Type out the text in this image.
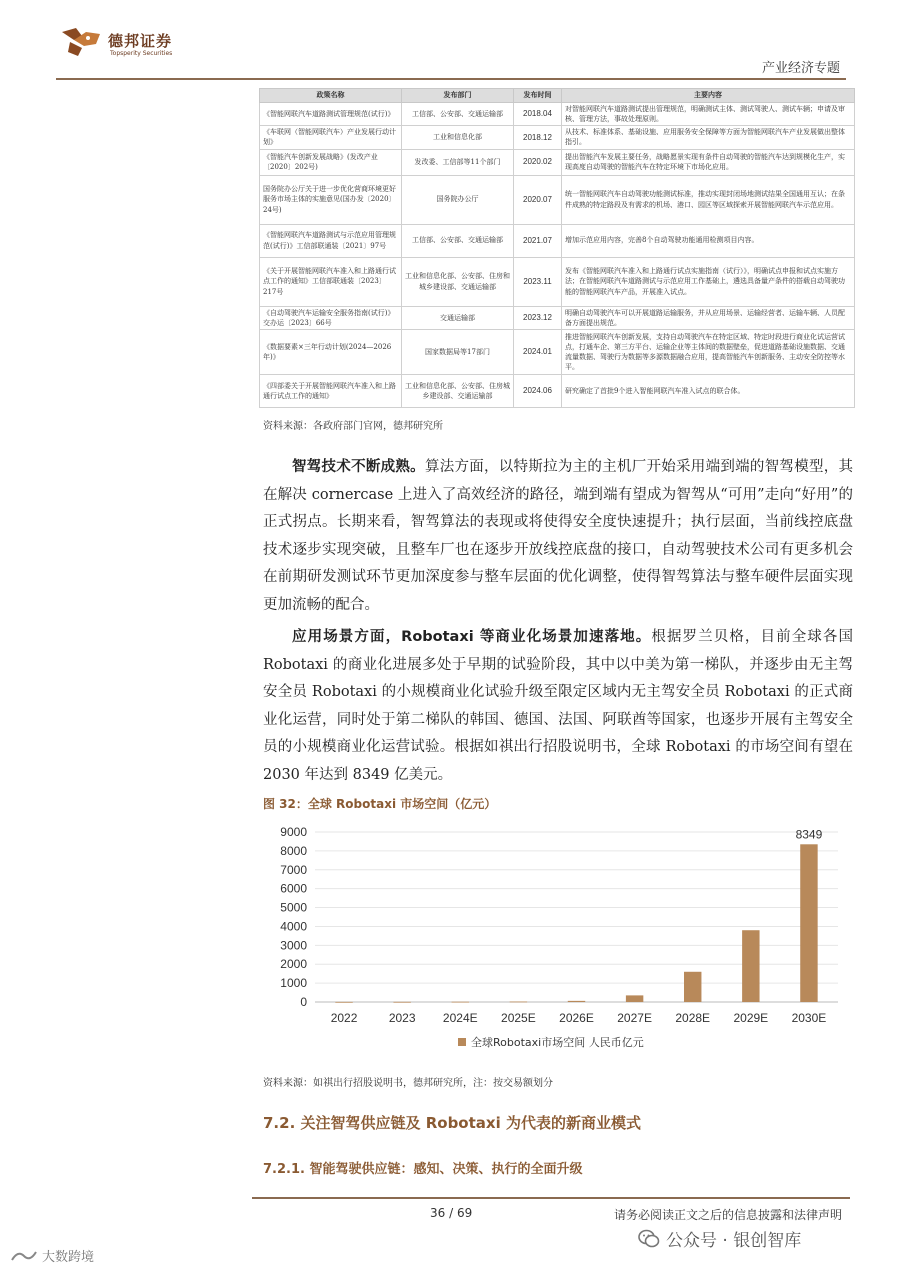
德邦证券
Topsperity Securities
产业经济专题
政策名称	发布部门	发布时间	主要内容
《智能网联汽车道路测试管理规范(试行)》	工信部、公安部、交通运输部	2018.04	对智能网联汽车道路测试提出管理规范，明确测试主体、测试驾驶人、测试车辆；申请及审核、管理方法，事故处理原则。
《车联网（智能网联汽车）产业发展行动计划》	工业和信息化部	2018.12	从技术、标准体系、基础设施、应用服务安全保障等方面为智能网联汽车产业发展做出整体指引。
《智能汽车创新发展战略》(发改产业〔2020〕202号)	发改委、工信部等11个部门	2020.02	提出智能汽车发展主要任务，战略愿景实现有条件自动驾驶的智能汽车达到规模化生产，实现高度自动驾驶的智能汽车在特定环境下市场化应用。
国务院办公厅关于进一步优化营商环境更好服务市场主体的实施意见(国办发〔2020〕24号)	国务院办公厅	2020.07	统一智能网联汽车自动驾驶功能测试标准，推动实现封闭场地测试结果全国通用互认；在条件成熟的特定路段及有需求的机场、港口、园区等区域探索开展智能网联汽车示范应用。
《智能网联汽车道路测试与示范应用管理规范(试行)》工信部联通装〔2021〕97号	工信部、公安部、交通运输部	2021.07	增加示范应用内容，完善8个自动驾驶功能通用检测项目内容。
《关于开展智能网联汽车准入和上路通行试点工作的通知》工信部联通装〔2023〕217号	工业和信息化部、公安部、住房和城乡建设部、交通运输部	2023.11	发布《智能网联汽车准入和上路通行试点实施指南（试行）》，明确试点申报和试点实施方法；在智能网联汽车道路测试与示范应用工作基础上，遴选具备量产条件的搭载自动驾驶功能的智能网联汽车产品，开展准入试点。
《自动驾驶汽车运输安全服务指南(试行)》交办运〔2023〕66号	交通运输部	2023.12	明确自动驾驶汽车可以开展道路运输服务，并从应用场景、运输经营者、运输车辆、人员配备方面提出规范。
《数据要素×三年行动计划(2024—2026年)》	国家数据局等17部门	2024.01	推进智能网联汽车创新发展，支持自动驾驶汽车在特定区域、特定时段进行商业化试运营试点，打通车企、第三方平台、运输企业等主体间的数据壁垒，促进道路基础设施数据、交通流量数据、驾驶行为数据等多源数据融合应用，提高智能汽车创新服务、主动安全防控等水平。
《四部委关于开展智能网联汽车准入和上路通行试点工作的通知》	工业和信息化部、公安部、住房城乡建设部、交通运输部	2024.06	研究确定了首批9个进入智能网联汽车准入试点的联合体。
资料来源：各政府部门官网，德邦研究所

智驾技术不断成熟。算法方面，以特斯拉为主的主机厂开始采用端到端的智驾模型，其在解决 cornercase 上进入了高效经济的路径，端到端有望成为智驾从“可用”走向“好用”的正式拐点。长期来看，智驾算法的表现或将使得安全度快速提升；执行层面，当前线控底盘技术逐步实现突破，且整车厂也在逐步开放线控底盘的接口，自动驾驶技术公司有更多机会在前期研发测试环节更加深度参与整车层面的优化调整，使得智驾算法与整车硬件层面实现更加流畅的配合。

应用场景方面，Robotaxi 等商业化场景加速落地。根据罗兰贝格，目前全球各国 Robotaxi 的商业化进展多处于早期的试验阶段，其中以中美为第一梯队，并逐步由无主驾安全员 Robotaxi 的小规模商业化试验升级至限定区域内无主驾安全员 Robotaxi 的正式商业化运营，同时处于第二梯队的韩国、德国、法国、阿联酋等国家，也逐步开展有主驾安全员的小规模商业化运营试验。根据如祺出行招股说明书，全球 Robotaxi 的市场空间有望在 2030 年达到 8349 亿美元。

图 32：全球 Robotaxi 市场空间（亿元）
0
1000
2000
3000
4000
5000
6000
7000
8000
9000
2022	2023 2024E 2025E 2026E 2027E 2028E 2029E 2030E
8349
全球Robotaxi市场空间 人民币亿元
资料来源：如祺出行招股说明书，德邦研究所，注：按交易额划分
7.2. 关注智驾供应链及 Robotaxi 为代表的新商业模式
7.2.1. 智能驾驶供应链：感知、决策、执行的全面升级
36 / 69	请务必阅读正文之后的信息披露和法律声明
公众号 · 银创智库
大数跨境
